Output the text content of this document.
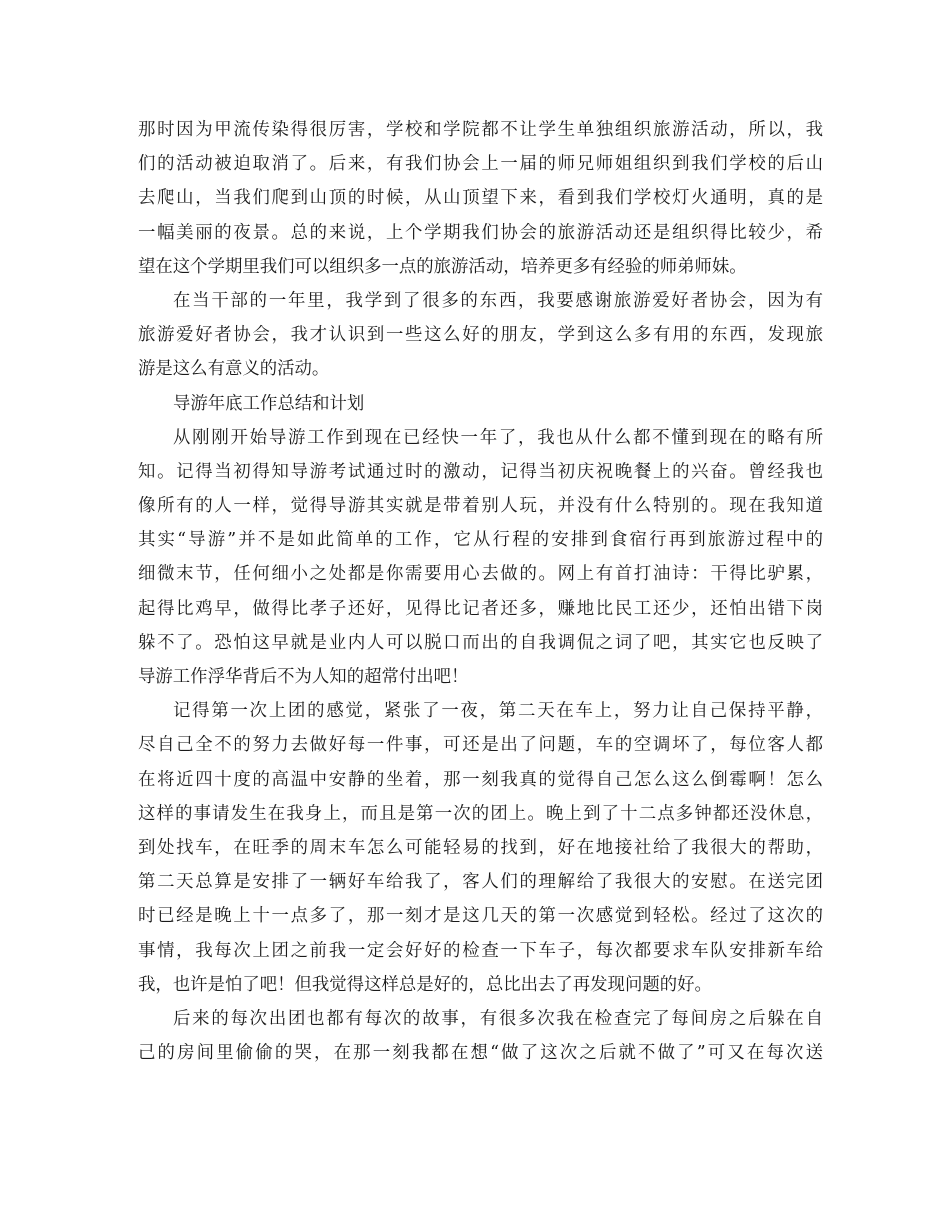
那时因为甲流传染得很厉害，学校和学院都不让学生单独组织旅游活动，所以，我
们的活动被迫取消了。后来，有我们协会上一届的师兄师姐组织到我们学校的后山
去爬山，当我们爬到山顶的时候，从山顶望下来，看到我们学校灯火通明，真的是
一幅美丽的夜景。总的来说，上个学期我们协会的旅游活动还是组织得比较少，希
望在这个学期里我们可以组织多一点的旅游活动，培养更多有经验的师弟师妹。
在当干部的一年里，我学到了很多的东西，我要感谢旅游爱好者协会，因为有
旅游爱好者协会，我才认识到一些这么好的朋友，学到这么多有用的东西，发现旅
游是这么有意义的活动。
导游年底工作总结和计划
从刚刚开始导游工作到现在已经快一年了，我也从什么都不懂到现在的略有所
知。记得当初得知导游考试通过时的激动，记得当初庆祝晚餐上的兴奋。曾经我也
像所有的人一样，觉得导游其实就是带着别人玩，并没有什么特别的。现在我知道
其实“导游”并不是如此简单的工作，它从行程的安排到食宿行再到旅游过程中的
细微末节，任何细小之处都是你需要用心去做的。网上有首打油诗：干得比驴累，
起得比鸡早，做得比孝子还好，见得比记者还多，赚地比民工还少，还怕出错下岗
躲不了。恐怕这早就是业内人可以脱口而出的自我调侃之词了吧，其实它也反映了
导游工作浮华背后不为人知的超常付出吧！
记得第一次上团的感觉，紧张了一夜，第二天在车上，努力让自己保持平静，
尽自己全不的努力去做好每一件事，可还是出了问题，车的空调坏了，每位客人都
在将近四十度的高温中安静的坐着，那一刻我真的觉得自己怎么这么倒霉啊！怎么
这样的事请发生在我身上，而且是第一次的团上。晚上到了十二点多钟都还没休息，
到处找车，在旺季的周末车怎么可能轻易的找到，好在地接社给了我很大的帮助，
第二天总算是安排了一辆好车给我了，客人们的理解给了我很大的安慰。在送完团
时已经是晚上十一点多了，那一刻才是这几天的第一次感觉到轻松。经过了这次的
事情，我每次上团之前我一定会好好的检查一下车子，每次都要求车队安排新车给
我，也许是怕了吧！但我觉得这样总是好的，总比出去了再发现问题的好。
后来的每次出团也都有每次的故事，有很多次我在检查完了每间房之后躲在自
己的房间里偷偷的哭，在那一刻我都在想“做了这次之后就不做了”可又在每次送
